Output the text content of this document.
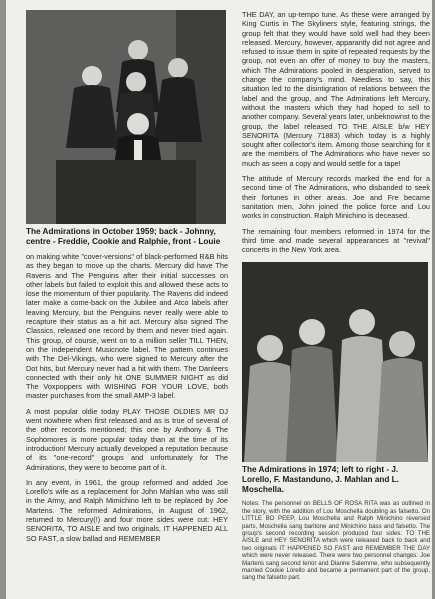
The Admirations in October 1959; back - Johnny, centre - Freddie, Cookie and Ralphie, front - Louie

on making white "cover-versions" of black-performed R&B hits as they began to move up the charts. Mercury did have The Ravens and The Penguins after their initial successes on other labels but failed to exploit this and allowed these acts to lose the momentum of thier popularity. The Ravens did indeed later make a come-back on the Jubilee and Atco labels after leaving Mercury, but the Penguins never really were able to recapture their status as a hit act. Mercury also signed The Classics, released one record by them and never tried again. This group, of course, went on to a million seller TILL THEN, on the independent Musicnote label. The pattern continues with The Del-Vikings, who were signed to Mercury after the Dot hits, but Mercury never had a hit with them. The Danleers connected with their only hit ONE SUMMER NIGHT as did The Voxpoppers with WISHING FOR YOUR LOVE, both master purchases from the small AMP-3 label.

A most popular oldie today PLAY THOSE OLDIES MR DJ went nowhere when first released and as is true of several of the other records mentioned; this one by Anthony & The Sophomores is more popular today than at the time of its introduction! Mercury actually developed a reputation because of its "one-record" groups and unfortunately for The Admirations, they were to become part of it.

In any event, in 1961, the group reformed and added Joe Lorello's wife as a replacement for John Mahlan who was still in the Army, and Ralph Mimichino left to be replaced by Joe Martens. The reformed Admirations, in August of 1962, returned to Mercury(!) and four more sides were cut: HEY SENORITA, TO AISLE and two originals, IT HAPPENED ALL SO FAST, a slow ballad and REMEMBER

THE DAY, an up-tempo tune. As these were arranged by King Curtis in The Skyliners style, featuring strings, the group felt that they would have sold well had they been released. Mercury, however, apparantly did not agree and refused to issue them in spite of repeated requests by the group, not even an offer of money to buy the masters, which The Admirations pooled in desperation, served to change the company's mind. Needless to say, this situation led to the disintigration of relations between the label and the group, and The Admirations left Mercury, without the masters which they had hoped to sell to another company. Several years later, unbeknownst to the group, the label released TO THE AISLE b/w HEY SENORITA (Mercury 71883) which today is a highly sought after collector's item. Among those searching for it are the members of The Admirations who have never so much as seen a copy and would settle for a tape!

The attitude of Mercury records marked the end for a second time of The Admirations, who disbanded to seek their fortunes in other areas. Joe and Fre became sanitation men, John joined the police force and Lou works in construction. Ralph Minichino is deceased.

The remaining four members reformed in 1974 for the third time and made several appearances at "revival" concerts in the New York area.

The Admirations in 1974; left to right - J. Lorello, F. Mastanduno, J. Mahlan and L. Moschella.
Notes: The personnel on BELLS OF ROSA RITA was as outlined in the story, with the addition of Lou Moschella doubling as falsetto. On LITTLE BO PEEP, Lou Moschella and Ralph Minichino reversed parts, Moschella sang baritone and Minichino bass and falsetto. The group's second recording session produced four sides: TO THE AISLE and HEY SENORITA which were released back to back and two originals IT HAPPENED SO FAST and REMEMBER THE DAY which were never released. There were two personnel changes: Joe Martens sang second tenor and Dianne Salemme, who subsequently married Cookie Lorello and became a permanent part of the group, sang the falsetto part.
